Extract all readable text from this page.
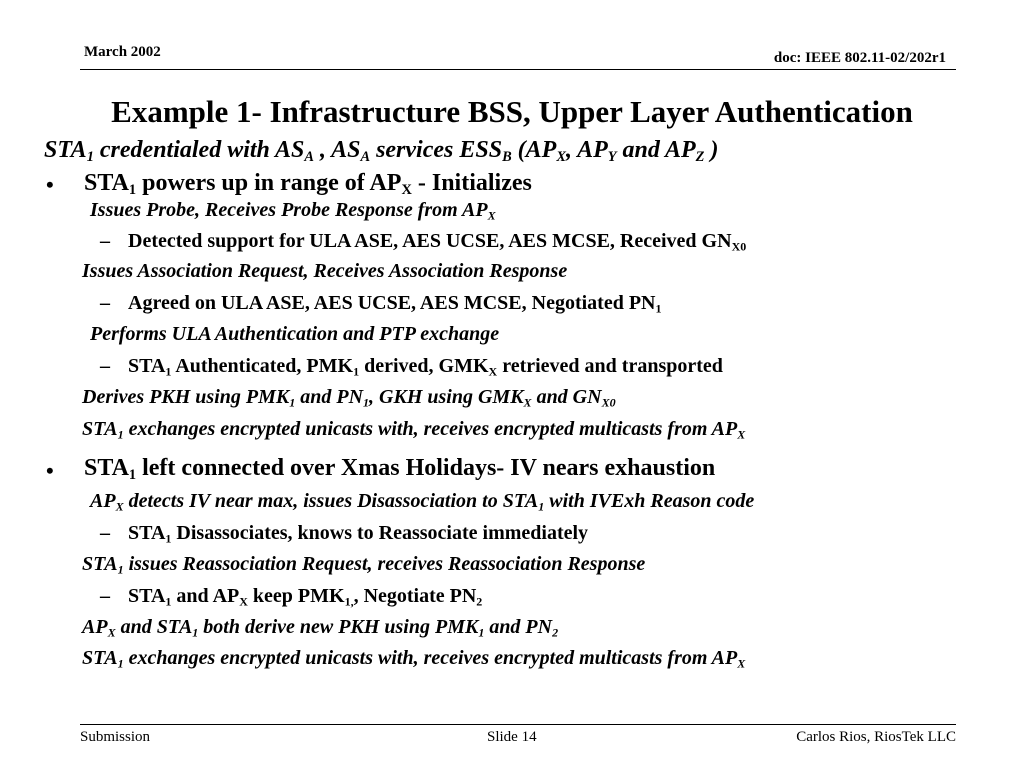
March 2002	doc: IEEE 802.11-02/202r1
Example 1- Infrastructure BSS, Upper Layer Authentication
$STA_1$ credentialed with $AS_A$ , $AS_A$ services $ESS_B$ ($AP_X$, $AP_Y$ and $AP_Z$ )
• $STA_1$ powers up in range of $AP_X$ - Initializes
Issues Probe, Receives Probe Response from $AP_X$
– Detected support for ULA ASE, AES UCSE, AES MCSE, Received $GN_{X0}$
Issues Association Request, Receives Association Response
– Agreed on ULA ASE, AES UCSE, AES MCSE, Negotiated $PN_1$
Performs ULA Authentication and PTP exchange
– $STA_1$ Authenticated, $PMK_1$ derived, $GMK_X$ retrieved and transported
Derives PKH using $PMK_1$ and $PN_1$, GKH using $GMK_X$ and $GN_{X0}$
$STA_1$ exchanges encrypted unicasts with, receives encrypted multicasts from $AP_X$
• $STA_1$ left connected over Xmas Holidays- IV nears exhaustion
$AP_X$ detects IV near max, issues Disassociation to $STA_1$ with IVExh Reason code
– $STA_1$ Disassociates, knows to Reassociate immediately
$STA_1$ issues Reassociation Request, receives Reassociation Response
– $STA_1$ and $AP_X$ keep $PMK_{1,}$, Negotiate $PN_2$
$AP_X$ and $STA_1$ both derive new PKH using $PMK_1$ and $PN_2$
$STA_1$ exchanges encrypted unicasts with, receives encrypted multicasts from $AP_X$
Submission	Slide 14	Carlos Rios, RiosTek LLC
